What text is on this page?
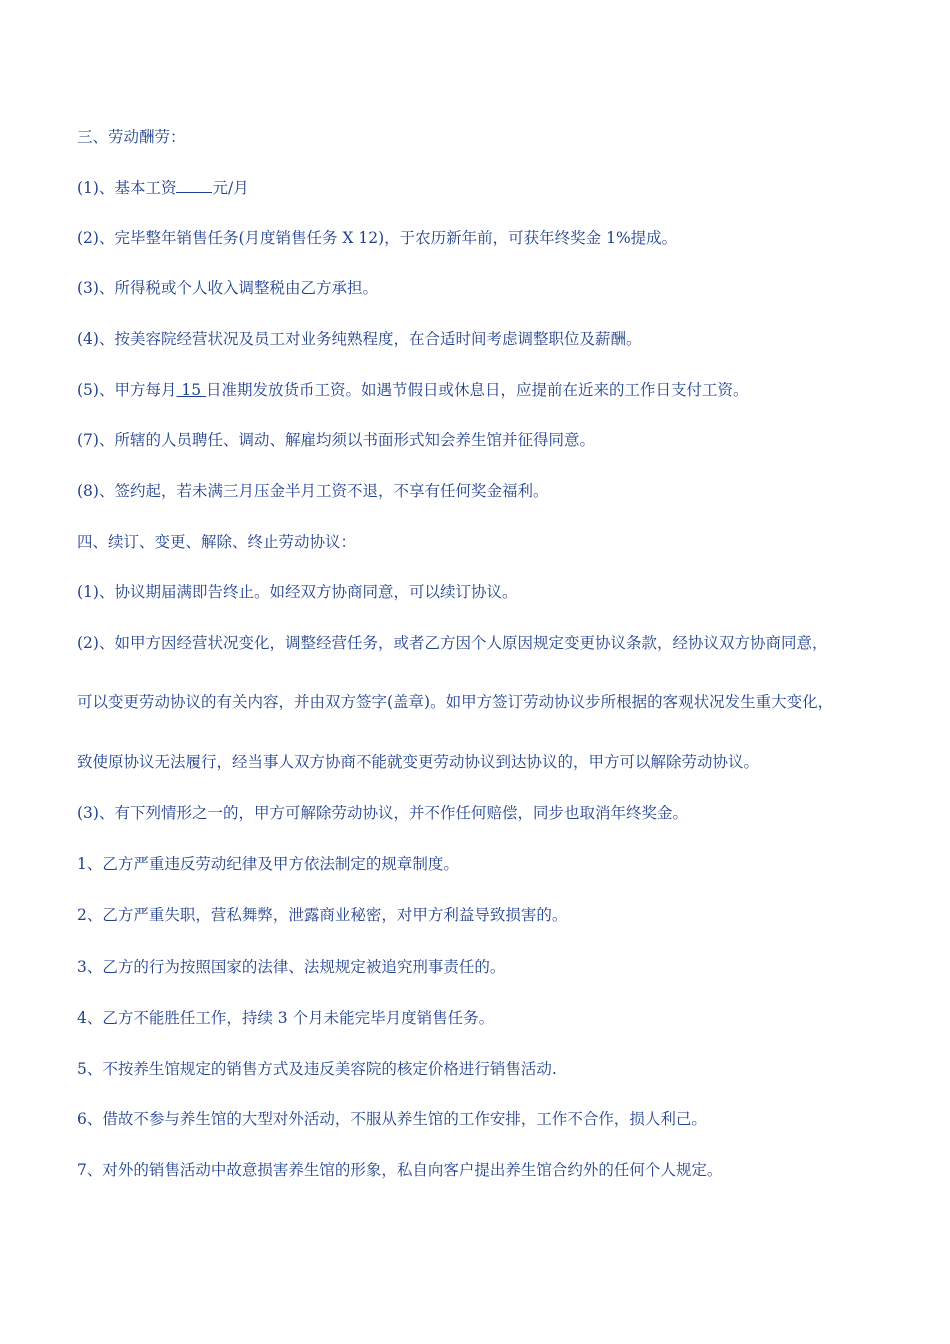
三、劳动酬劳：
(1)、基本工资 元/月
(2)、完毕整年销售任务(月度销售任务 X 12)，于农历新年前，可获年终奖金 1%提成。
(3)、所得税或个人收入调整税由乙方承担。
(4)、按美容院经营状况及员工对业务纯熟程度，在合适时间考虑调整职位及薪酬。
(5)、甲方每月 15 日准期发放货币工资。如遇节假日或休息日，应提前在近来的工作日支付工资。
(7)、所辖的人员聘任、调动、解雇均须以书面形式知会养生馆并征得同意。
(8)、签约起，若未满三月压金半月工资不退，不享有任何奖金福利。
四、续订、变更、解除、终止劳动协议：
(1)、协议期届满即告终止。如经双方协商同意，可以续订协议。
(2)、如甲方因经营状况变化，调整经营任务，或者乙方因个人原因规定变更协议条款，经协议双方协商同意，
可以变更劳动协议的有关内容，并由双方签字(盖章)。如甲方签订劳动协议步所根据的客观状况发生重大变化，
致使原协议无法履行，经当事人双方协商不能就变更劳动协议到达协议的，甲方可以解除劳动协议。
(3)、有下列情形之一的，甲方可解除劳动协议，并不作任何赔偿，同步也取消年终奖金。
1、乙方严重违反劳动纪律及甲方依法制定的规章制度。
2、乙方严重失职，营私舞弊，泄露商业秘密，对甲方利益导致损害的。
3、乙方的行为按照国家的法律、法规规定被追究刑事责任的。
4、乙方不能胜任工作，持续 3 个月未能完毕月度销售任务。
5、不按养生馆规定的销售方式及违反美容院的核定价格进行销售活动.
6、借故不参与养生馆的大型对外活动，不服从养生馆的工作安排，工作不合作，损人利己。
7、对外的销售活动中故意损害养生馆的形象，私自向客户提出养生馆合约外的任何个人规定。
